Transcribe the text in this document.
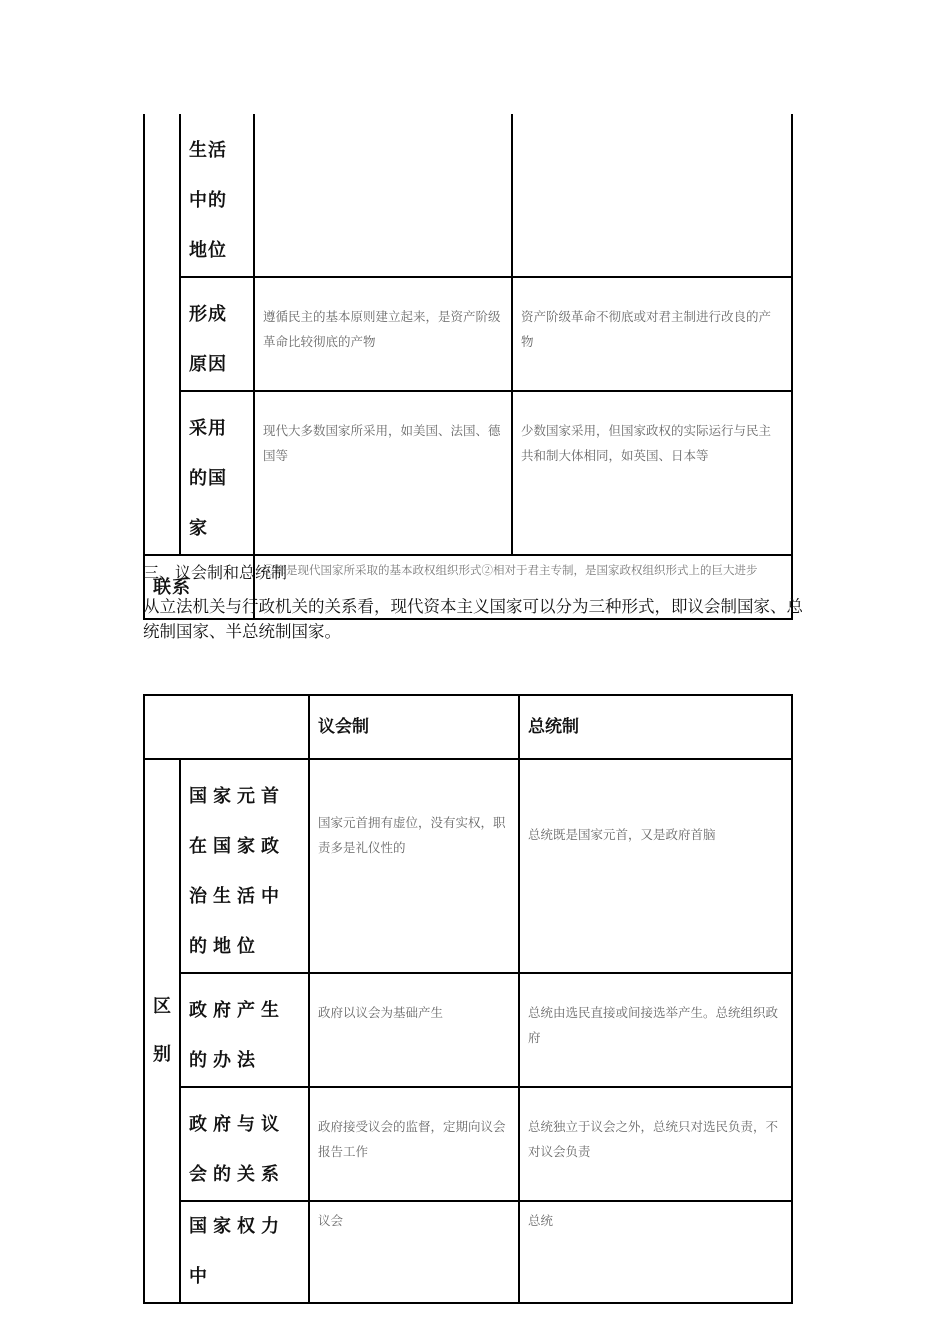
	生活中的地位		
	形成原因	遵循民主的基本原则建立起来，是资产阶级革命比较彻底的产物	资产阶级革命不彻底或对君主制进行改良的产物
	采用的国家	现代大多数国家所采用，如美国、法国、德国等	少数国家采用，但国家政权的实际运行与民主共和制大体相同，如英国、日本等
联系		①都是现代国家所采取的基本政权组织形式②相对于君主专制，是国家政权组织形式上的巨大进步	
三、议会制和总统制
从立法机关与行政机关的关系看，现代资本主义国家可以分为三种形式，即议会制国家、总统制国家、半总统制国家。
		议会制	总统制
区别	国家元首在国家政治生活中的地位	国家元首拥有虚位，没有实权，职责多是礼仪性的	总统既是国家元首，又是政府首脑
	政府产生的办法	政府以议会为基础产生	总统由选民直接或间接选举产生。总统组织政府
	政府与议会的关系	政府接受议会的监督，定期向议会报告工作	总统独立于议会之外，总统只对选民负责，不对议会负责
	国家权力中	议会	总统
